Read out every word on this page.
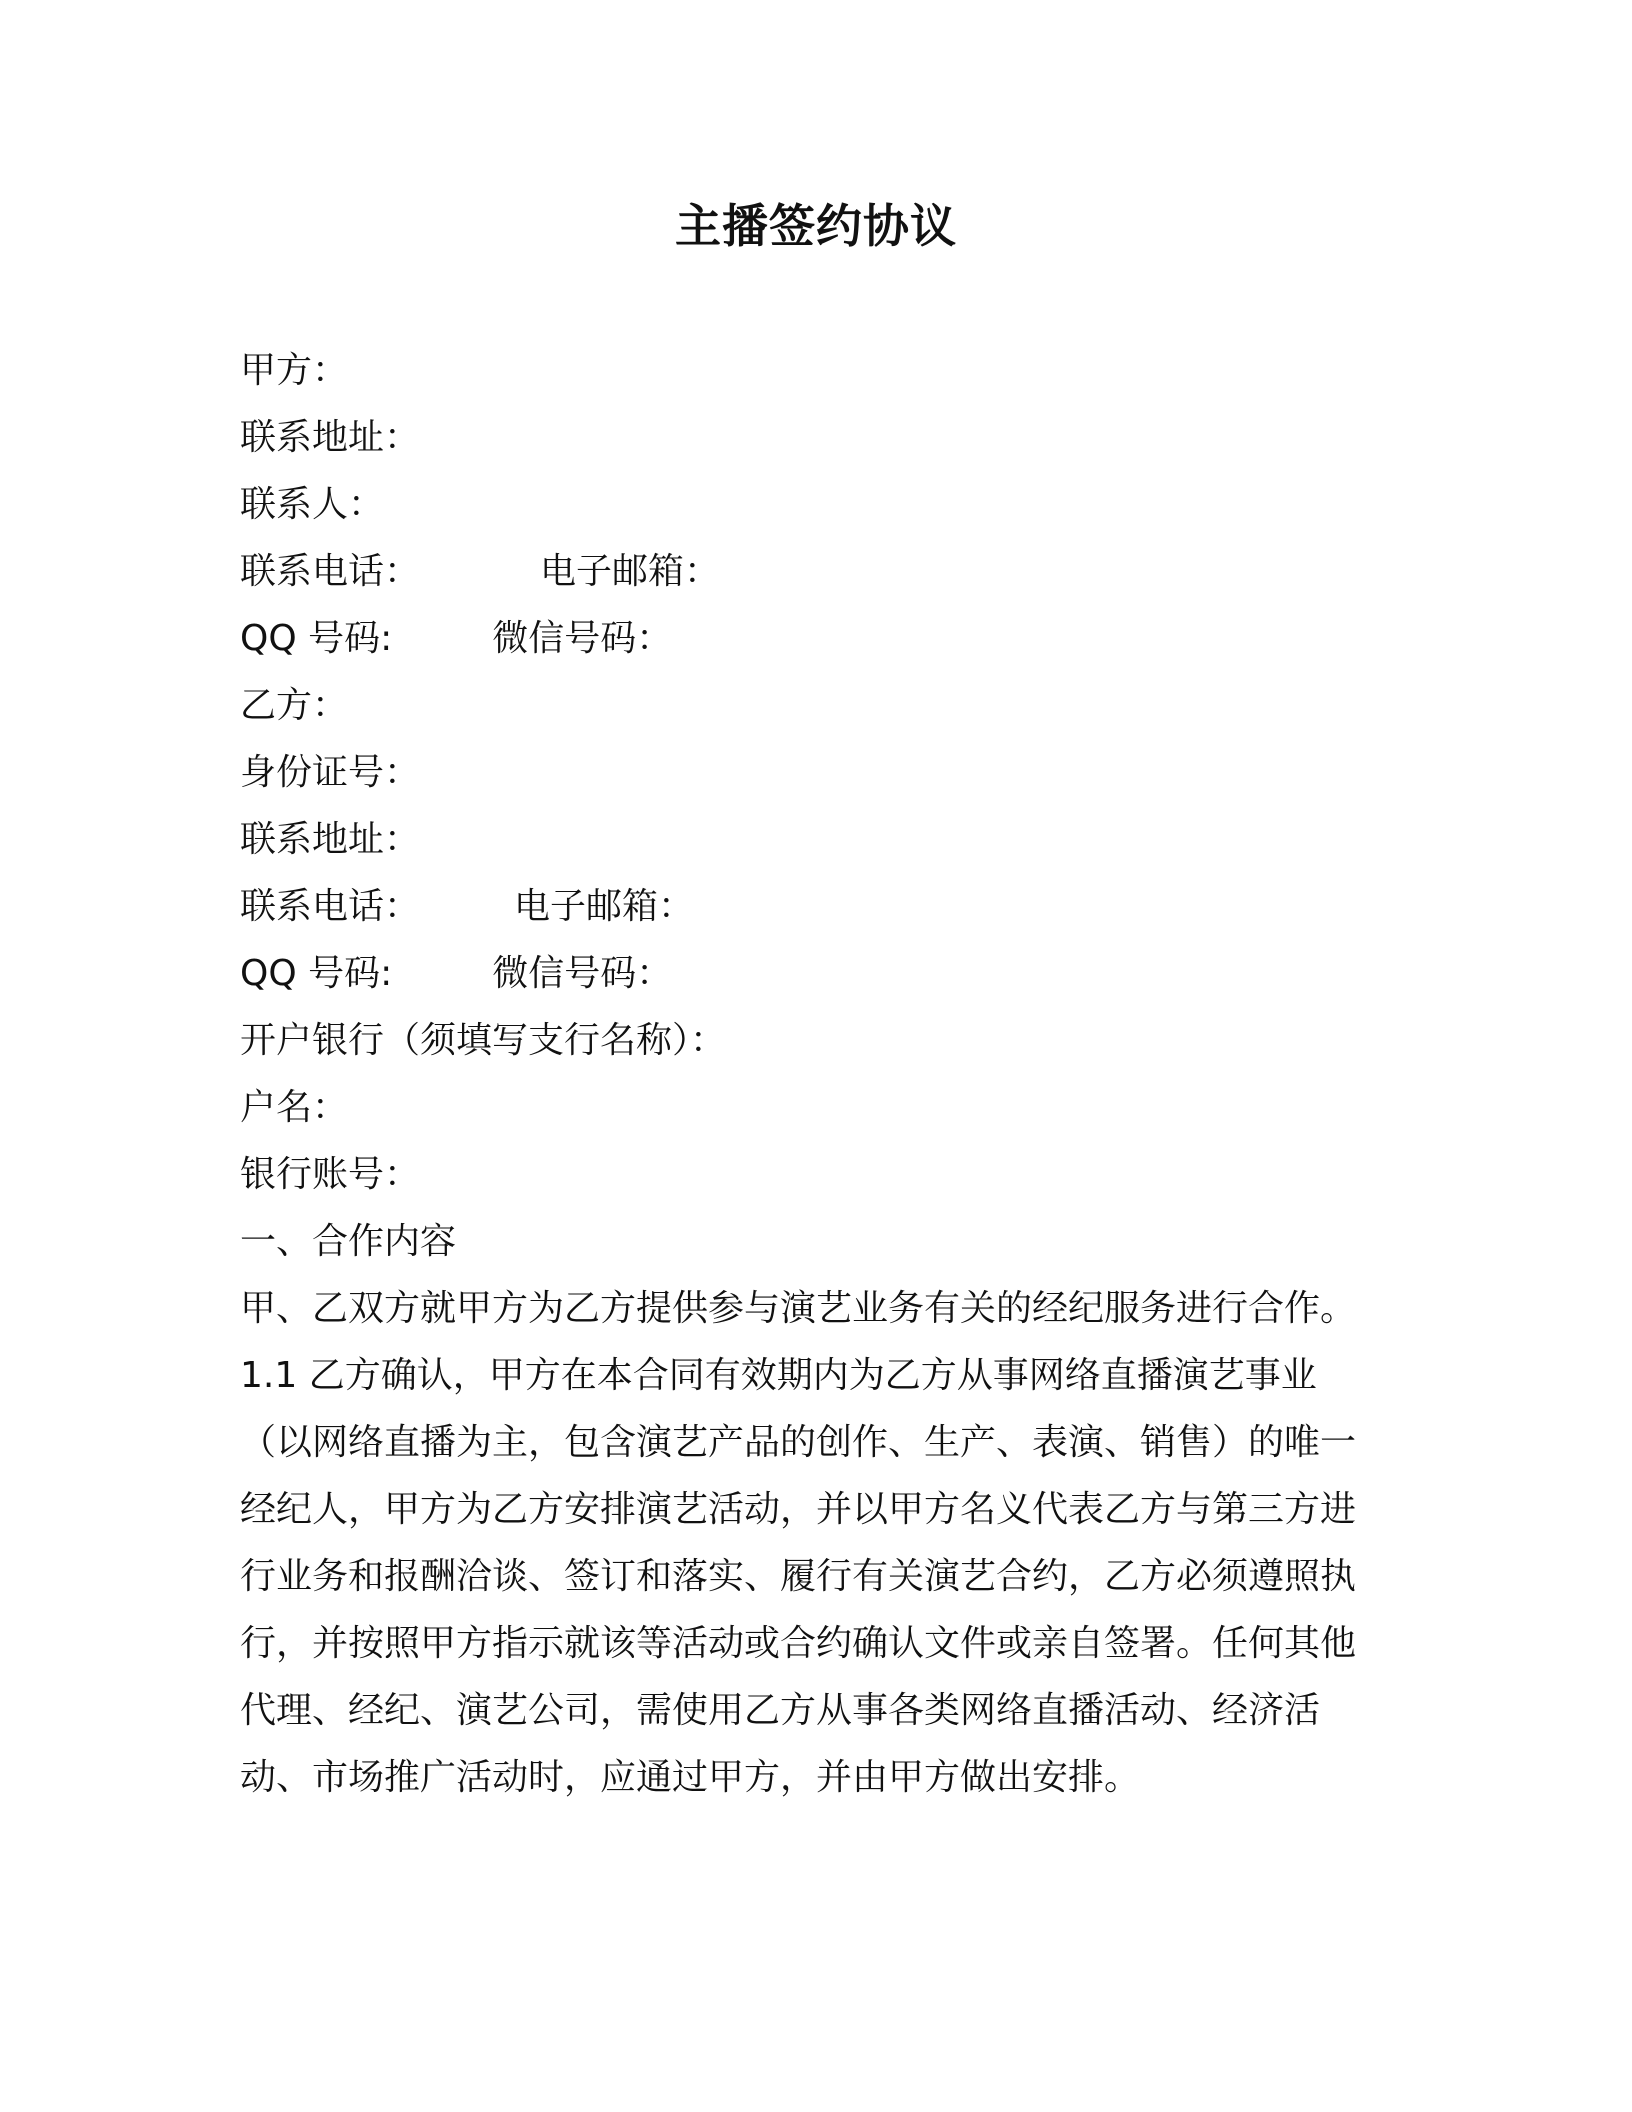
主播签约协议
甲方：
联系地址：
联系人：
联系电话：	电子邮箱：
QQ 号码:	微信号码：
乙方：
身份证号：
联系地址：
联系电话：	电子邮箱：
QQ 号码:	微信号码：
开户银行（须填写支行名称）：
户名：
银行账号：
一、合作内容
甲、乙双方就甲方为乙方提供参与演艺业务有关的经纪服务进行合作。
1.1 乙方确认，甲方在本合同有效期内为乙方从事网络直播演艺事业（以网络直播为主，包含演艺产品的创作、生产、表演、销售）的唯一经纪人，甲方为乙方安排演艺活动，并以甲方名义代表乙方与第三方进行业务和报酬洽谈、签订和落实、履行有关演艺合约，乙方必须遵照执行，并按照甲方指示就该等活动或合约确认文件或亲自签署。任何其他代理、经纪、演艺公司，需使用乙方从事各类网络直播活动、经济活动、市场推广活动时，应通过甲方，并由甲方做出安排。
